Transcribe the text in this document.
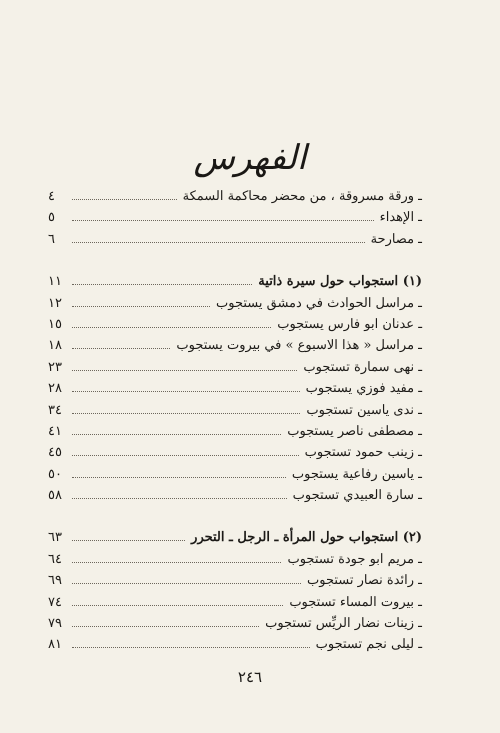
الفهرس
ـ ورقة مسروقة ، من محضر محاكمة السمكة
٤
ـ الإهداء
٥
ـ مصارحة
٦
(١) استجواب حول سيرة ذاتية
١١
ـ مراسل الحوادث في دمشق يستجوب
١٢
ـ عدنان ابو فارس يستجوب
١٥
ـ مراسل « هذا الاسبوع » في بيروت يستجوب
١٨
ـ نهى سمارة تستجوب
٢٣
ـ مفيد فوزي يستجوب
٢٨
ـ ندى ياسين تستجوب
٣٤
ـ مصطفى ناصر يستجوب
٤١
ـ زينب حمود تستجوب
٤٥
ـ ياسين رفاعية يستجوب
٥٠
ـ سارة العبيدي تستجوب
٥٨
(٢) استجواب حول المرأة ـ الرجل ـ التحرر
٦٣
ـ مريم ابو جودة تستجوب
٦٤
ـ رائدة نصار تستجوب
٦٩
ـ بيروت المساء تستجوب
٧٤
ـ زينات نضار الريِّس تستجوب
٧٩
ـ ليلى نجم تستجوب
٨١
٢٤٦
